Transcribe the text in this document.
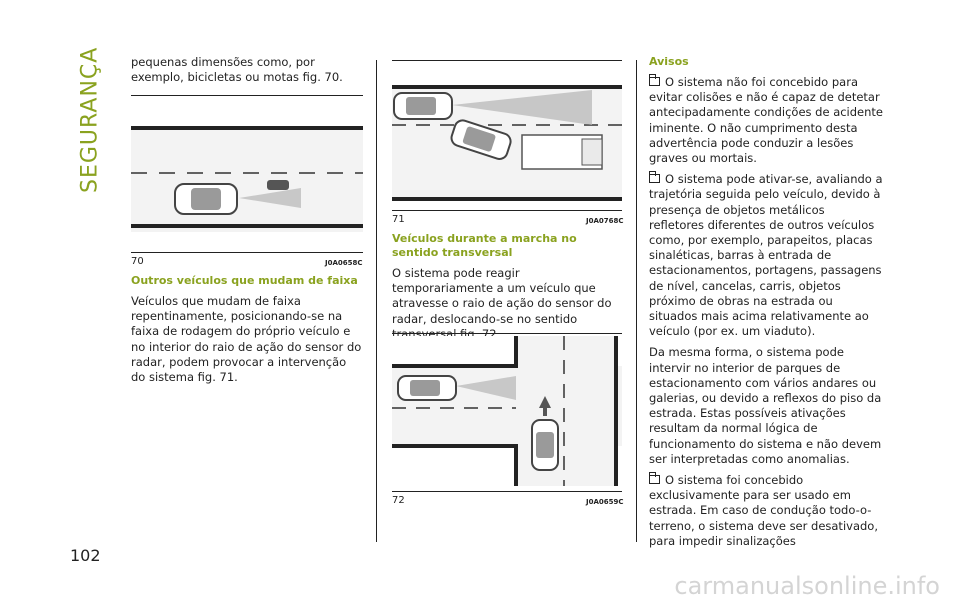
SEGURANÇA
102

pequenas dimensões como, por exemplo, bicicletas ou motas fig. 70.

70	J0A0658C

Outros veículos que mudam de faixa

Veículos que mudam de faixa repentinamente, posicionando-se na faixa de rodagem do próprio veículo e no interior do raio de ação do sensor do radar, podem provocar a intervenção do sistema fig. 71.

71	J0A0768C

Veículos durante a marcha no sentido transversal

O sistema pode reagir temporariamente a um veículo que atravesse o raio de ação do sensor do radar, deslocando-se no sentido

72	J0A0659C

Avisos

O sistema não foi concebido para evitar colisões e não é capaz de detetar antecipadamente condições de acidente iminente. O não cumprimento desta advertência pode conduzir a lesões graves ou mortais.

O sistema pode ativar-se, avaliando a trajetória seguida pelo veículo, devido à presença de objetos metálicos refletores diferentes de outros veículos como, por exemplo, parapeitos, placas sinaléticas, barras à entrada de estacionamentos, portagens, passagens de nível, cancelas, carris, objetos próximo de obras na estrada ou situados mais acima relativamente ao veículo (por ex. um viaduto).

Da mesma forma, o sistema pode intervir no interior de parques de estacionamento com vários andares ou galerias, ou devido a reflexos do piso da estrada. Estas possíveis ativações resultam da normal lógica de funcionamento do sistema e não devem ser interpretadas como anomalias.

O sistema foi concebido exclusivamente para ser usado em estrada. Em caso de condução todo-o-terreno, o sistema deve ser desativado, para impedir sinalizações

carmanualsonline.info
